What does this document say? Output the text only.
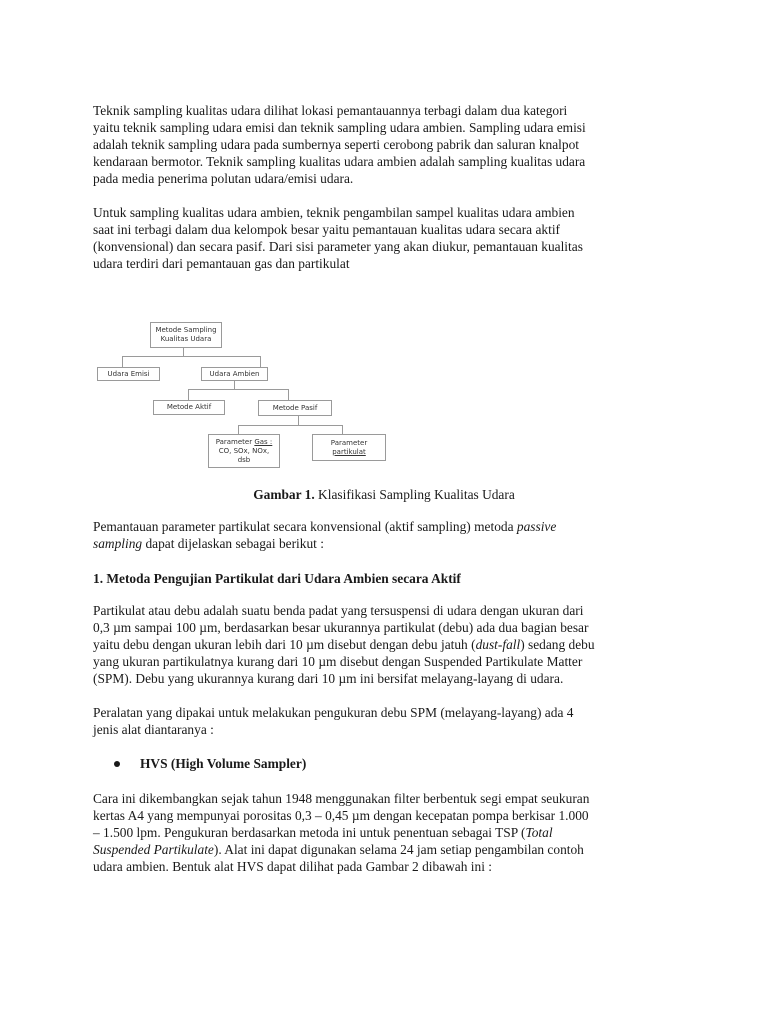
Teknik sampling kualitas udara dilihat lokasi pemantauannya terbagi dalam dua kategori

yaitu teknik sampling udara emisi dan teknik sampling udara ambien. Sampling udara emisi

adalah teknik sampling udara pada sumbernya seperti cerobong pabrik dan saluran knalpot

kendaraan bermotor. Teknik sampling kualitas udara ambien adalah sampling kualitas udara

pada media penerima polutan udara/emisi udara.

Untuk sampling kualitas udara ambien, teknik pengambilan sampel kualitas udara ambien

saat ini terbagi dalam dua kelompok besar yaitu pemantauan kualitas udara secara aktif

(konvensional) dan secara pasif. Dari sisi parameter yang akan diukur, pemantauan kualitas

udara terdiri dari pemantauan gas dan partikulat

Metode Sampling
Kualitas Udara
Udara Emisi	Udara Ambien
Metode Aktif	Metode Pasif
Parameter Gas :
CO, SOx, NOx,
dsb
Parameter
partikulat
Gambar 1. Klasifikasi Sampling Kualitas Udara

Pemantauan parameter partikulat secara konvensional (aktif sampling) metoda passive

sampling dapat dijelaskan sebagai berikut :

1. Metoda Pengujian Partikulat dari Udara Ambien secara Aktif

Partikulat atau debu adalah suatu benda padat yang tersuspensi di udara dengan ukuran dari

0,3 µm sampai 100 µm, berdasarkan besar ukurannya partikulat (debu) ada dua bagian besar

yaitu debu dengan ukuran lebih dari 10 µm disebut dengan debu jatuh (dust-fall) sedang debu

yang ukuran partikulatnya kurang dari 10 µm disebut dengan Suspended Partikulate Matter

(SPM). Debu yang ukurannya kurang dari 10 µm ini bersifat melayang-layang di udara.

Peralatan yang dipakai untuk melakukan pengukuran debu SPM (melayang-layang) ada 4

jenis alat diantaranya :

HVS (High Volume Sampler)

Cara ini dikembangkan sejak tahun 1948 menggunakan filter berbentuk segi empat seukuran

kertas A4 yang mempunyai porositas 0,3 – 0,45 µm dengan kecepatan pompa berkisar 1.000

– 1.500 lpm. Pengukuran berdasarkan metoda ini untuk penentuan sebagai TSP (Total

Suspended Partikulate). Alat ini dapat digunakan selama 24 jam setiap pengambilan contoh

udara ambien. Bentuk alat HVS dapat dilihat pada Gambar 2 dibawah ini :
